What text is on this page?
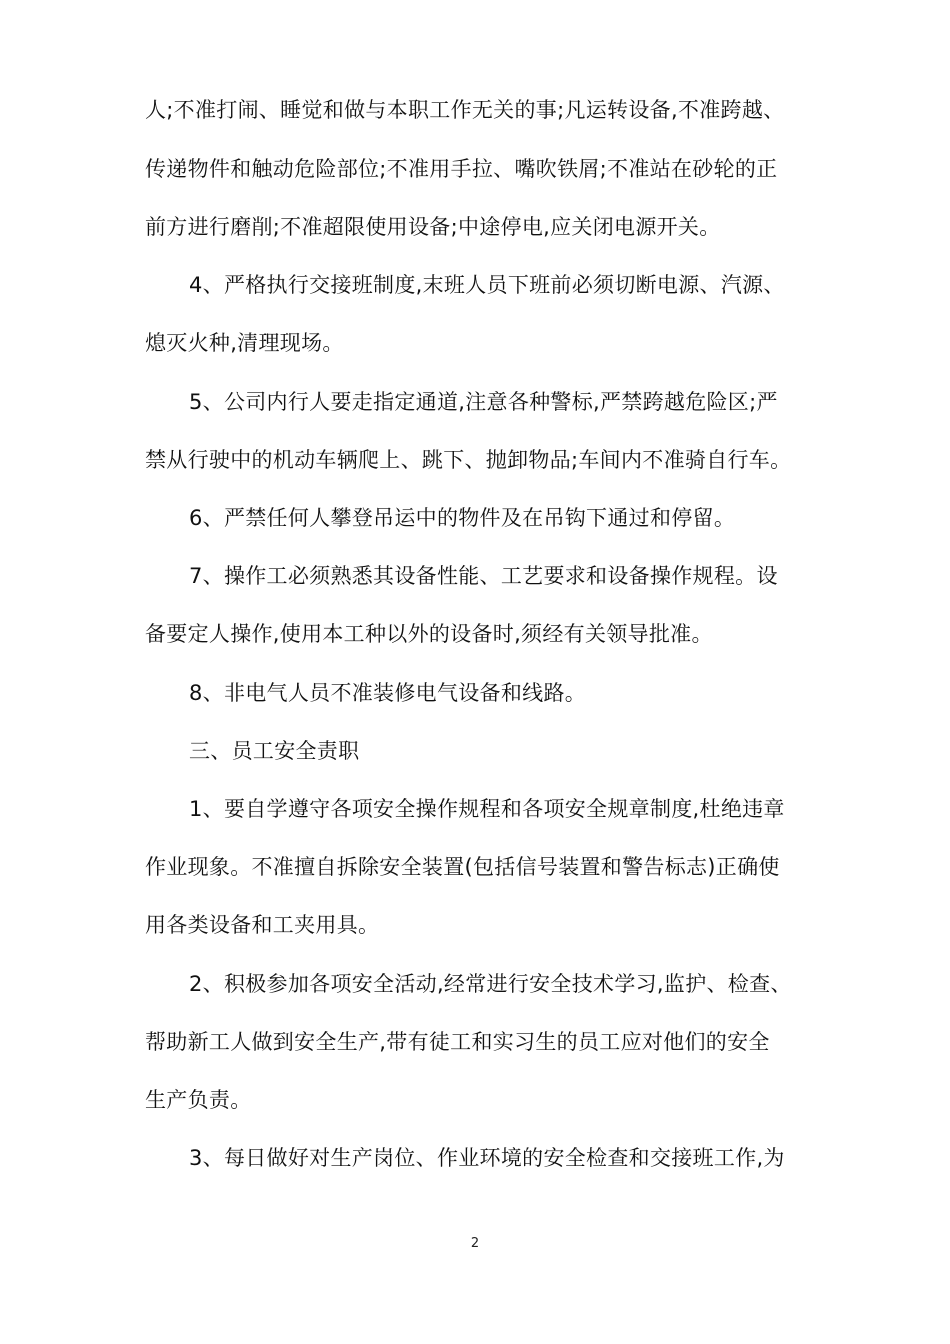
人;不准打闹、睡觉和做与本职工作无关的事;凡运转设备,不准跨越、
传递物件和触动危险部位;不准用手拉、嘴吹铁屑;不准站在砂轮的正
前方进行磨削;不准超限使用设备;中途停电,应关闭电源开关。
4、严格执行交接班制度,末班人员下班前必须切断电源、汽源、
熄灭火种,清理现场。
5、公司内行人要走指定通道,注意各种警标,严禁跨越危险区;严
禁从行驶中的机动车辆爬上、跳下、抛卸物品;车间内不准骑自行车。
6、严禁任何人攀登吊运中的物件及在吊钩下通过和停留。
7、操作工必须熟悉其设备性能、工艺要求和设备操作规程。设
备要定人操作,使用本工种以外的设备时,须经有关领导批准。
8、非电气人员不准装修电气设备和线路。
三、员工安全责职
1、要自学遵守各项安全操作规程和各项安全规章制度,杜绝违章
作业现象。不准擅自拆除安全装置(包括信号装置和警告标志)正确使
用各类设备和工夹用具。
2、积极参加各项安全活动,经常进行安全技术学习,监护、检查、
帮助新工人做到安全生产,带有徒工和实习生的员工应对他们的安全
生产负责。
3、每日做好对生产岗位、作业环境的安全检查和交接班工作,为
2
